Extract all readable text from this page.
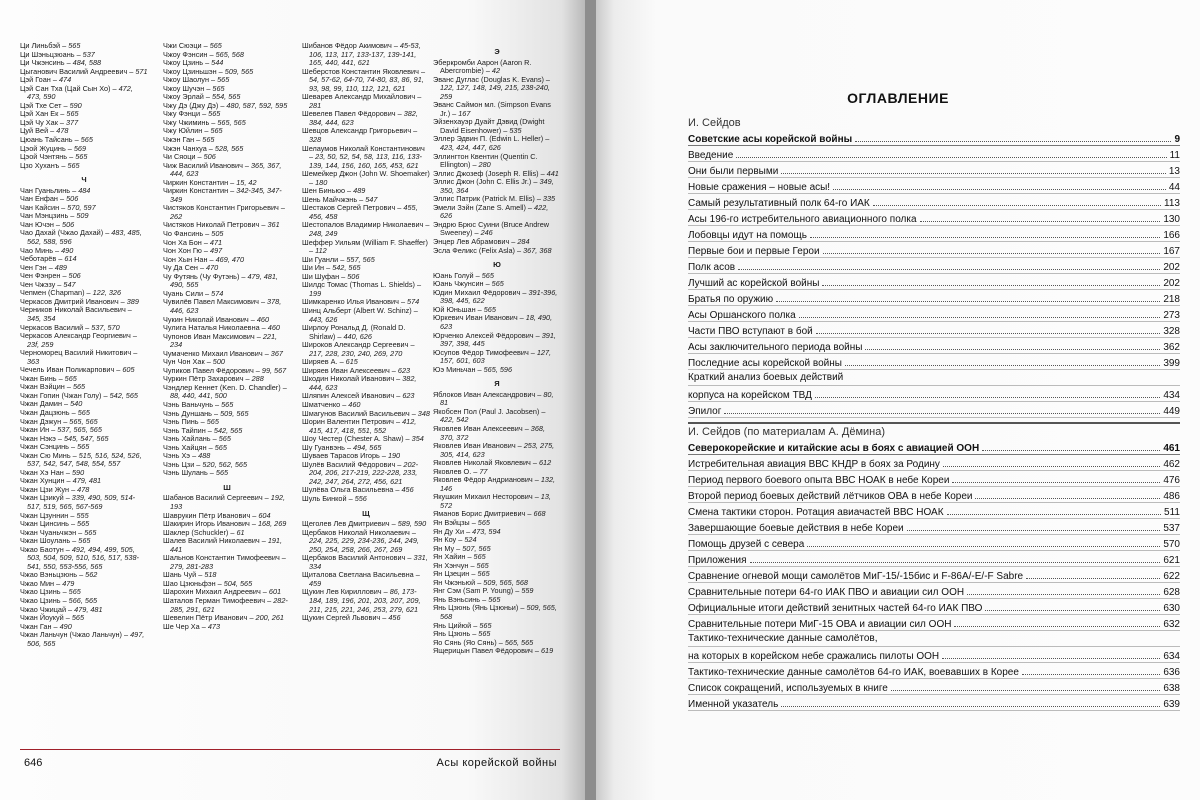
Ци Линьбэй – 565
Ци Шэньцзюань – 537
Ци Чжэнсинь – 484, 588
Цыганович Василий Андреевич – 571
Цэй Гоан – 474
Цэй Сан Тха (Цай Сын Хо) – 472, 473, 590
Цэй Тхе Сет – 590
Цэй Хан Ек – 565
Цэй Чу Хак – 377
Цуй Вей – 478
Цюань Тайсань – 565
Цэой Жуцинь – 569
Цэой Чэнтянь – 565
Цзо Хуханъ – 565
Ч
Чан Гуаньлинь – 484
Чан Енфан – 506
Чан Кайсин – 570, 597
Чан Мэнцзинь – 509
Чан Ючэн – 506
Чао Дахай (Чжао Дахай) – 483, 485, 562, 588, 596
Чао Минь – 490
Чеботарёв – 614
Чен Гэн – 489
Чен Фэнрен – 506
Чен Чжэзу – 547
Чепмен (Chapman) – 122, 326
Черкасов Дмитрий Иванович – 389
Черников Николай Васильевич – 345, 354
Черкасов Василий – 537, 570
Черкасов Александр Георгиевич – 23f, 259
Черноморец Василий Никитович – 363
Чечель Иван Поликарпович – 605
Чжан Бинь – 565
Чжан Вэйцин – 565
Чжан Гопин (Чжан Голу) – 542, 565
Чжан Дамин – 540
Чжан Дацзюнь – 565
Чжан Дэжун – 565, 565
Чжан Ин – 537, 565, 565
Чжан Нэкэ – 545, 547, 565
Чжан Сэнцинь – 565
Чжан Сю Минь – 515, 516, 524, 526, 537, 542, 547, 548, 554, 557
Чжан Хэ Нан – 590
Чжан Хунцин – 479, 481
Чжан Цзи Жун – 478
Чжан Цзикуй – 339, 490, 509, 514-517, 519, 565, 567-569
Чжан Цзуннин – 555
Чжан Цинсинь – 565
Чжан Чуаньчжэн – 565
Чжан Шоулань – 565
Чжао Баотун – 492, 494, 499, 505, 503, 504, 509, 510, 516, 517, 538-541, 550, 553-556, 565
Чжао Вэньцзюнь – 562
Чжао Мин – 479
Чжао Цзинь – 565
Чжао Цзинь – 566, 565
Чжао Чжицай – 479, 481
Чжан Йоукуй – 565
Чжан Ган – 490
Чжан Ланьчун (Чжао Ланьчун) – 497, 506, 565
Чжи Сюэци – 565
Чжоу Фэнсин – 565, 568
Чжоу Цзинь – 544
Чжоу Цзиньшэн – 509, 565
Чжоу Шаолун – 565
Чжоу Шучэн – 565
Чжоу Эрлай – 554, 565
Чжу Дэ (Джу Дэ) – 480, 587, 592, 595
Чжу Фэнци – 565
Чжу Чжиминь – 565, 565
Чжу Юйлин – 565
Чжэн Ган – 565
Чжэн Чанхуа – 528, 565
Чи Сяоци – 506
Чиж Василий Иванович – 365, 367, 444, 623
Чиркин Константин – 15, 42
Чиркин Константин – 342-345, 347-349
Чистяков Константин Григорьевич – 262
Чистяков Николай Петрович – 361
Чо Фансинь – 505
Чон Ха Бон – 471
Чон Хон Гю – 497
Чон Хын Нан – 469, 470
Чу Да Сен – 470
Чу Футянь (Чу Футэнь) – 479, 481, 490, 565
Чуань Сили – 574
Чувилёв Павел Максимович – 378, 446, 623
Чукин Николай Иванович – 460
Чулига Наталья Николаевна – 460
Чупонов Иван Максимович – 221, 234
Чумаченко Михаил Иванович – 367
Чун Чон Хак – 500
Чупиков Павел Фёдорович – 99, 567
Чуркин Пётр Захарович – 288
Чэндлер Кеннет (Ken. D. Chandler) – 88, 440, 441, 500
Чэнь Ваньчунь – 565
Чэнь Дуншань – 509, 565
Чэнь Пинь – 565
Чэнь Тайпин – 542, 565
Чэнь Хайлань – 565
Чэнь Хайцян – 565
Чэнь Хэ – 488
Чэнь Цзи – 520, 562, 565
Чэнь Шулань – 565
Ш
Шабанов Василий Сергеевич – 192, 193
Шаврукин Пётр Иванович – 604
Шакирин Игорь Иванович – 168, 269
Шаклер (Schuckler) – 61
Шалев Василий Николаевич – 191, 441
Шальнов Константин Тимофеевич – 279, 281-283
Шань Чуй – 518
Шао Цзюньфэн – 504, 565
Шарохин Михаил Андреевич – 601
Шаталов Герман Тимофеевич – 282-285, 291, 621
Шевелин Пётр Иванович – 200, 261
Ше Чер Ха – 473
Шибанов Фёдор Акимович – 45-53, 106, 113, 117, 133-137, 139-141, 165, 440, 441, 621
Шеберстов Константин Яковлевич – 54, 57-62, 64-70, 74-80, 83, 86, 91, 93, 98, 99, 110, 112, 121, 621
Шеварев Александр Михайлович – 281
Шевелев Павел Фёдорович – 382, 384, 444, 623
Шевцов Александр Григорьевич – 328
Шелаумов Николай Константинович – 23, 50, 52, 54, 58, 113, 116, 133-139, 144, 156, 160, 165, 453, 621
Шемейкер Джон (John W. Shoemaker) – 180
Шен Биньюо – 489
Шень Майчжэнь – 547
Шестаков Сергей Петрович – 455, 456, 458
Шестопалов Владимир Николаевич – 248, 249
Шеффер Уильям (William F. Shaeffer) – 112
Ши Гуанли – 557, 565
Ши Ин – 542, 565
Ши Шуфан – 506
Шилдс Томас (Thomas L. Shields) – 199
Шимкаренко Илья Иванович – 574
Шинц Альберт (Albert W. Schinz) – 443, 626
Ширлоу Рональд Д. (Ronald D. Shirlaw) – 440, 626
Широков Александр Сергеевич – 217, 228, 230, 240, 269, 270
Ширяев А. – 615
Ширяев Иван Алексеевич – 623
Шкодин Николай Иванович – 382, 444, 623
Шляпин Алексей Иванович – 623
Шматченко – 460
Шмагунов Василий Васильевич – 348
Шорин Валентин Петрович – 412, 415, 417, 418, 551, 552
Шоу Честер (Chester A. Shaw) – 354
Шу Гуанвэнь – 494, 565
Шуваев Тарасов Игорь – 190
Шулёв Василий Фёдорович – 202-204, 206, 217-219, 222-228, 233, 242, 247, 264, 272, 456, 621
Шулёва Ольга Васильевна – 456
Шуль Бинкой – 556
Щ
Щеголев Лев Дмитриевич – 589, 590
Щербаков Николай Николаевич – 224, 225, 229, 234-236, 244, 249, 250, 254, 258, 266, 267, 269
Щербаков Василий Антонович – 331, 334
Щиталова Светлана Васильевна – 459
Щукин Лев Кириллович – 86, 173-184, 189, 196, 201, 203, 207, 209, 211, 215, 221, 246, 253, 279, 621
Щукин Сергей Львович – 456
Э
Эберкромби Аарон (Aaron R. Abercrombie) – 42
Эванс Дуглас (Douglas K. Evans) – 122, 127, 148, 149, 215, 238-240, 259
Эванс Саймон мл. (Simpson Evans Jr.) – 167
Эйзенхауэр Дуайт Дэвид (Dwight David Eisenhower) – 535
Эллер Эдвин П. (Edwin L. Heller) – 423, 424, 447, 626
Эллингтон Квентин (Quentin C. Ellington) – 280
Эллис Джозеф (Joseph R. Ellis) – 441
Эллис Джон (John C. Ellis Jr.) – 349, 350, 364
Эллис Патрик (Patrick M. Ellis) – 335
Эмели Зэйн (Zane S. Amell) – 422, 626
Эндрю Брюс Суини (Bruce Andrew Sweeney) – 246
Энцер Лев Абрамович – 284
Эсла Феликс (Felix Asla) – 367, 368
Ю
Юань Голуй – 565
Юань Чжунсин – 565
Юдин Михаил Фёдорович – 391-396, 398, 445, 622
Юй Юньшан – 565
Юркевич Иван Иванович – 18, 490, 623
Юрченко Алексей Фёдорович – 391, 397, 398, 445
Юсупов Фёдор Тимофеевич – 127, 157, 601, 603
Юэ Миньчан – 565, 596
Я
Яблоков Иван Александрович – 80, 81
Якобсен Пол (Paul J. Jacobsen) – 422, 542
Яковлев Иван Алексеевич – 368, 370, 372
Яковлев Иван Иванович – 253, 275, 305, 414, 623
Яковлев Николай Яковлевич – 612
Яковлев О. – 77
Яковлев Фёдор Андрианович – 132, 146
Якушкин Михаил Несторович – 13, 572
Яманов Борис Дмитриевич – 668
Ян Вэйцзы – 565
Ян Ду Хи – 473, 594
Ян Коу – 524
Ян Му – 507, 565
Ян Хайин – 565
Ян Хэнчун – 565
Ян Цзецин – 565
Ян Чжэньюй – 509, 565, 568
Янг Сэм (Sam P. Young) – 559
Янь Вэньсинь – 565
Янь Цзюнь (Янь Цзюньи) – 509, 565, 568
Янь Цийюй – 565
Янь Цзюнь – 565
Яо Сянь (Яо Сянь) – 565, 565
Ящерицын Павел Фёдорович – 619
646	Асы корейской войны
ОГЛАВЛЕНИЕ
И. Сейдов
Советские асы корейской войны	9
Введение	11
Они были первыми	13
Новые сражения – новые асы!	44
Самый результативный полк 64-го ИАК	113
Асы 196-го истребительного авиационного полка	130
Лобовцы идут на помощь	166
Первые бои и первые Герои	167
Полк асов	202
Лучший ас корейской войны	202
Братья по оружию	218
Асы Оршанского полка	273
Части ПВО вступают в бой	328
Асы заключительного периода войны	362
Последние асы корейской войны	399
Краткий анализ боевых действий
корпуса на корейском ТВД	434
Эпилог	449
И. Сейдов (по материалам А. Дёмина)
Северокорейские и китайские асы в боях с авиацией ООН	461
Истребительная авиация ВВС КНДР в боях за Родину	462
Период первого боевого опыта ВВС НОАК в небе Кореи	476
Второй период боевых действий лётчиков ОВА в небе Кореи	486
Смена тактики сторон. Ротация авиачастей ВВС НОАК	511
Завершающие боевые действия в небе Кореи	537
Помощь друзей с севера	570
Приложения	621
Сравнение огневой мощи самолётов МиГ-15/-15бис и F-86A/-E/-F Sabre	622
Сравнительные потери 64-го ИАК ПВО и авиации сил ООН	628
Официальные итоги действий зенитных частей 64-го ИАК ПВО	630
Сравнительные потери МиГ-15 ОВА и авиации сил ООН	632
Тактико-технические данные самолётов,
на которых в корейском небе сражались пилоты ООН	634
Тактико-технические данные самолётов 64-го ИАК, воевавших в Корее	636
Список сокращений, используемых в книге	638
Именной указатель	639
